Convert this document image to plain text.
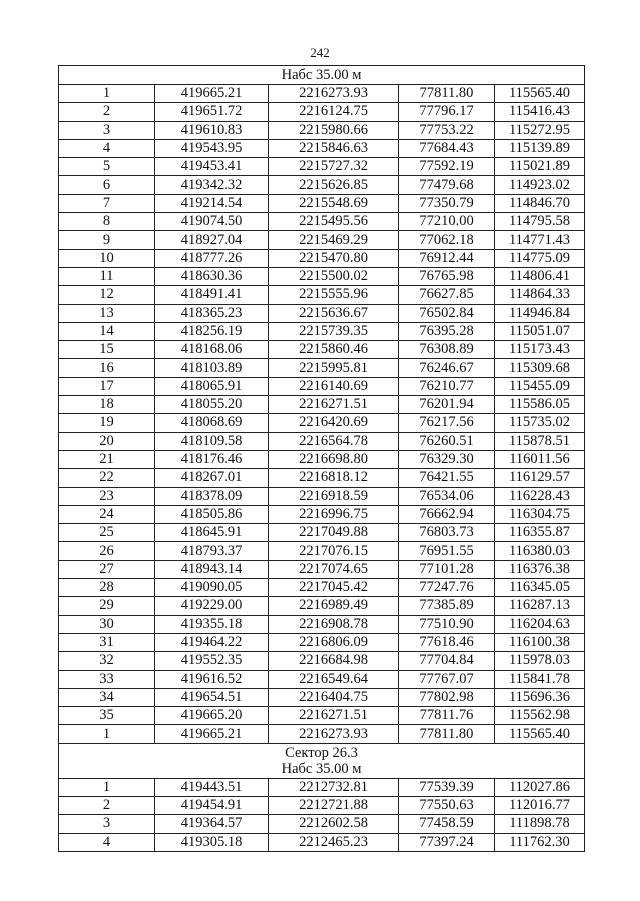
242
Набс 35.00 м				

1	419665.21	2216273.93	77811.80	115565.40
2	419651.72	2216124.75	77796.17	115416.43
3	419610.83	2215980.66	77753.22	115272.95
4	419543.95	2215846.63	77684.43	115139.89
5	419453.41	2215727.32	77592.19	115021.89
6	419342.32	2215626.85	77479.68	114923.02
7	419214.54	2215548.69	77350.79	114846.70
8	419074.50	2215495.56	77210.00	114795.58
9	418927.04	2215469.29	77062.18	114771.43
10	418777.26	2215470.80	76912.44	114775.09
11	418630.36	2215500.02	76765.98	114806.41
12	418491.41	2215555.96	76627.85	114864.33
13	418365.23	2215636.67	76502.84	114946.84
14	418256.19	2215739.35	76395.28	115051.07
15	418168.06	2215860.46	76308.89	115173.43
16	418103.89	2215995.81	76246.67	115309.68
17	418065.91	2216140.69	76210.77	115455.09
18	418055.20	2216271.51	76201.94	115586.05
19	418068.69	2216420.69	76217.56	115735.02
20	418109.58	2216564.78	76260.51	115878.51
21	418176.46	2216698.80	76329.30	116011.56
22	418267.01	2216818.12	76421.55	116129.57
23	418378.09	2216918.59	76534.06	116228.43
24	418505.86	2216996.75	76662.94	116304.75
25	418645.91	2217049.88	76803.73	116355.87
26	418793.37	2217076.15	76951.55	116380.03
27	418943.14	2217074.65	77101.28	116376.38
28	419090.05	2217045.42	77247.76	116345.05
29	419229.00	2216989.49	77385.89	116287.13
30	419355.18	2216908.78	77510.90	116204.63
31	419464.22	2216806.09	77618.46	116100.38
32	419552.35	2216684.98	77704.84	115978.03
33	419616.52	2216549.64	77767.07	115841.78
34	419654.51	2216404.75	77802.98	115696.36
35	419665.20	2216271.51	77811.76	115562.98
1	419665.21	2216273.93	77811.80	115565.40

Сектор 26.3
Набс 35.00 м				

1	419443.51	2212732.81	77539.39	112027.86
2	419454.91	2212721.88	77550.63	112016.77
3	419364.57	2212602.58	77458.59	111898.78
4	419305.18	2212465.23	77397.24	111762.30
